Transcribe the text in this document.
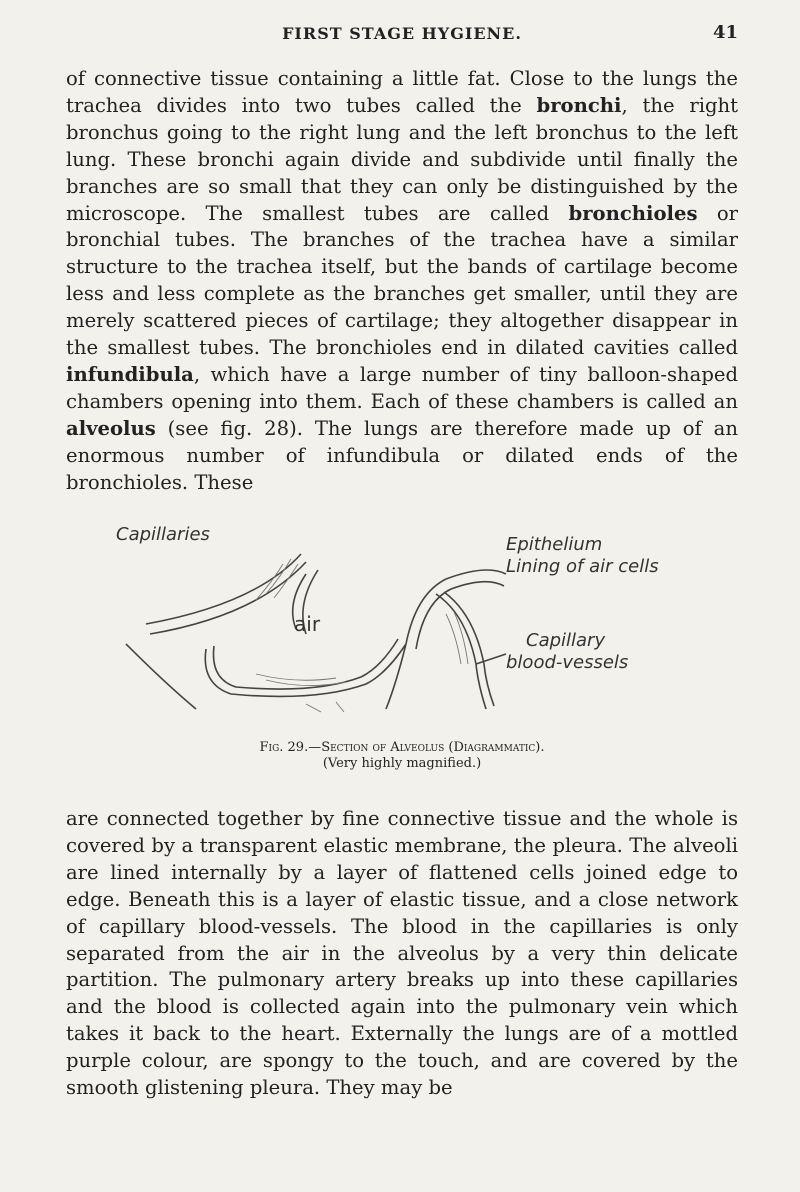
FIRST STAGE HYGIENE.	41

of connective tissue containing a little fat. Close to the lungs the trachea divides into two tubes called the bronchi, the right bronchus going to the right lung and the left bronchus to the left lung. These bronchi again divide and subdivide until finally the branches are so small that they can only be distinguished by the microscope. The smallest tubes are called bronchioles or bronchial tubes. The branches of the trachea have a similar structure to the trachea itself, but the bands of cartilage become less and less complete as the branches get smaller, until they are merely scattered pieces of cartilage; they altogether disappear in the smallest tubes. The bronchioles end in dilated cavities called infundibula, which have a large number of tiny balloon-shaped chambers opening into them. Each of these chambers is called an alveolus (see fig. 28). The lungs are therefore made up of an enormous number of infundibula or dilated ends of the bronchioles. These

Capillaries
air
Epithelium
Lining of air cells
Capillary
blood-vessels
Fig. 29.—Section of Alveolus (Diagrammatic).
(Very highly magnified.)

are connected together by fine connective tissue and the whole is covered by a transparent elastic membrane, the pleura. The alveoli are lined internally by a layer of flattened cells joined edge to edge. Beneath this is a layer of elastic tissue, and a close network of capillary blood-vessels. The blood in the capillaries is only separated from the air in the alveolus by a very thin delicate partition. The pulmonary artery breaks up into these capillaries and the blood is collected again into the pulmonary vein which takes it back to the heart. Externally the lungs are of a mottled purple colour, are spongy to the touch, and are covered by the smooth glistening pleura. They may be
